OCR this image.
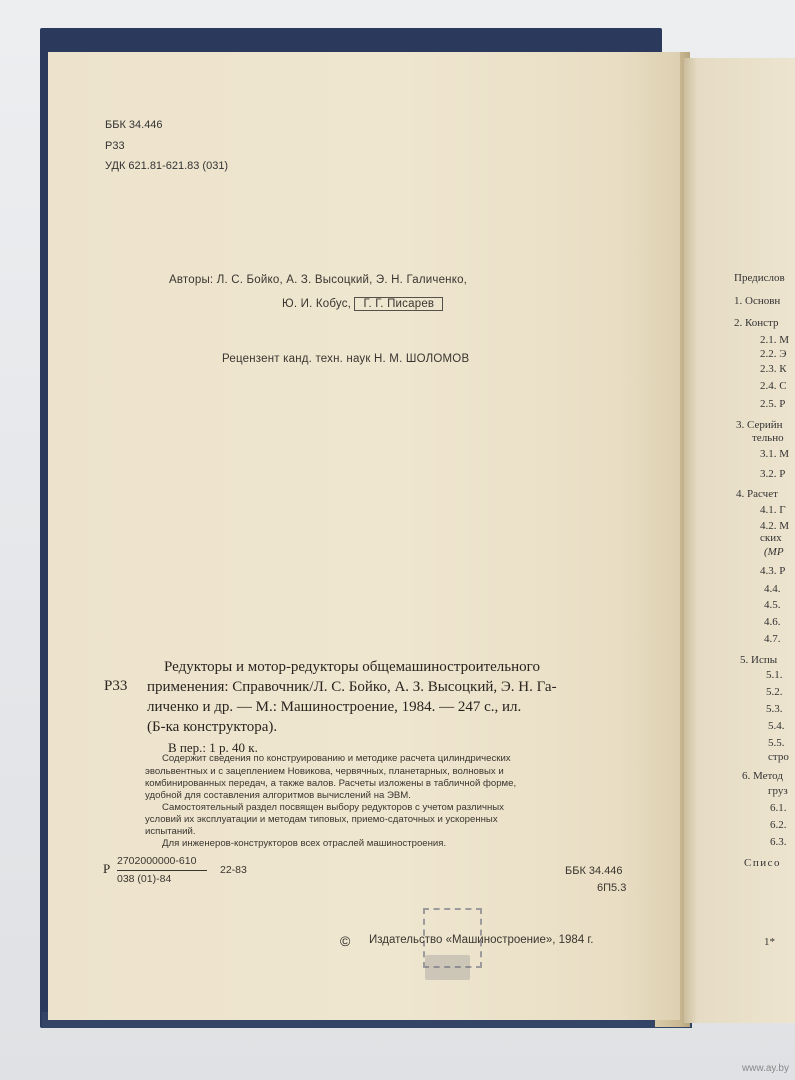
Предислов
1. Основн
2. Констр
2.1. М
2.2. Э
2.3. К
2.4. С
2.5. Р
3. Серийн
тельно
3.1. М
3.2. Р
4. Расчет
4.1. Г
4.2. М
ских
(МР
4.3. Р
4.4.
4.5.
4.6.
4.7.
5. Испы
5.1.
5.2.
5.3.
5.4.
5.5.
стро
6. Метод
груз
6.1.
6.2.
6.3.
Списо
1*
ББК 34.446
Р33
УДК 621.81-621.83 (031)
Авторы: Л. С. Бойко, А. З. Высоцкий, Э. Н. Галиченко,
Ю. И. Кобус, Г. Г. Писарев
Рецензент канд. техн. наук Н. М. ШОЛОМОВ
Р33
Редукторы и мотор-редукторы общемашиностроительного
применения: Справочник/Л. С. Бойко, А. З. Высоцкий, Э. Н. Га-
личенко и др. — М.: Машиностроение, 1984. — 247 с., ил.
(Б-ка конструктора).
В пер.: 1 р. 40 к.
Содержит сведения по конструированию и методике расчета цилиндрических
эвольвентных и с зацеплением Новикова, червячных, планетарных, волновых и
комбинированных передач, а также валов. Расчеты изложены в табличной форме,
удобной для составления алгоритмов вычислений на ЭВМ.
Самостоятельный раздел посвящен выбору редукторов с учетом различных
условий их эксплуатации и методам типовых, приемо-сдаточных и ускоренных
испытаний.
Для инженеров-конструкторов всех отраслей машиностроения.
Р 2702000000-610
038 (01)-84
22-83	ББК 34.446
6П5.3
© Издательство «Машиностроение», 1984 г.
www.ay.by
